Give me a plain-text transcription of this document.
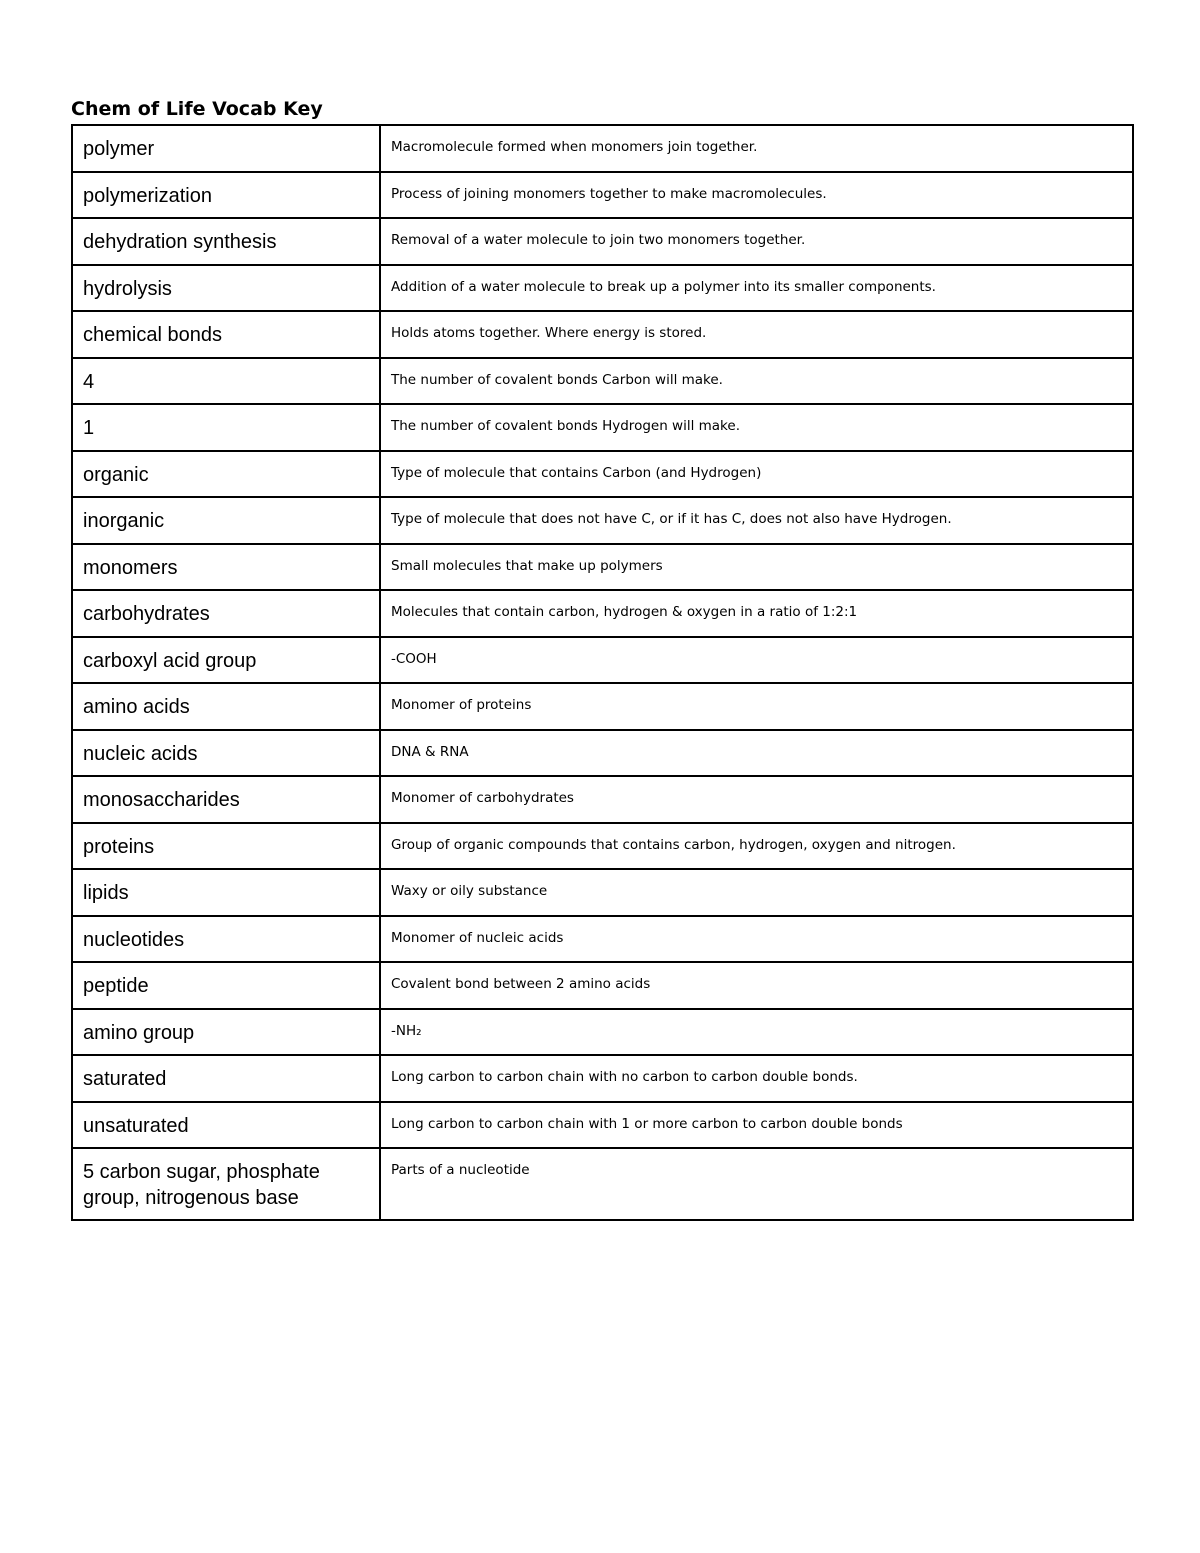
Chem of Life Vocab Key
polymer	Macromolecule formed when monomers join together.

polymerization	Process of joining monomers together to make macromolecules.

dehydration synthesis	Removal of a water molecule to join two monomers together.

hydrolysis	Addition of a water molecule to break up a polymer into its smaller components.

chemical bonds	Holds atoms together. Where energy is stored.

4	The number of covalent bonds Carbon will make.

1	The number of covalent bonds Hydrogen will make.

organic	Type of molecule that contains Carbon (and Hydrogen)

inorganic	Type of molecule that does not have C, or if it has C, does not also have Hydrogen.

monomers	Small molecules that make up polymers

carbohydrates	Molecules that contain carbon, hydrogen & oxygen in a ratio of 1:2:1

carboxyl acid group	-COOH

amino acids	Monomer of proteins

nucleic acids	DNA & RNA

monosaccharides	Monomer of carbohydrates

proteins	Group of organic compounds that contains carbon, hydrogen, oxygen and nitrogen.

lipids	Waxy or oily substance

nucleotides	Monomer of nucleic acids

peptide	Covalent bond between 2 amino acids

amino group	-NH₂

saturated	Long carbon to carbon chain with no carbon to carbon double bonds.

unsaturated	Long carbon to carbon chain with 1 or more carbon to carbon double bonds

5 carbon sugar, phosphate group, nitrogenous base	Parts of a nucleotide
